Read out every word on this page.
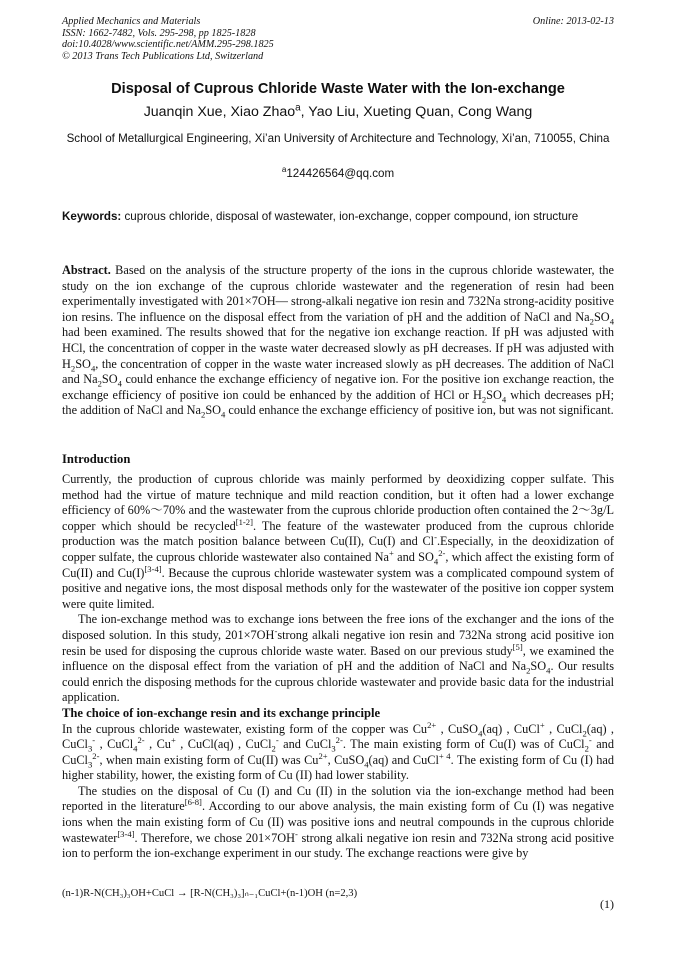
Applied Mechanics and Materials
ISSN: 1662-7482, Vols. 295-298, pp 1825-1828
doi:10.4028/www.scientific.net/AMM.295-298.1825
© 2013 Trans Tech Publications Ltd, Switzerland
Online: 2013-02-13
Disposal of Cuprous Chloride Waste Water with the Ion-exchange
Juanqin Xue, Xiao Zhao$^a$, Yao Liu, Xueting Quan, Cong Wang
School of Metallurgical Engineering, Xi’an University of Architecture and Technology, Xi’an, 710055, China
$^a$124426564@qq.com
Keywords: cuprous chloride, disposal of wastewater, ion-exchange, copper compound, ion structure
Abstract. Based on the analysis of the structure property of the ions in the cuprous chloride wastewater, the study on the ion exchange of the cuprous chloride wastewater and the regeneration of resin had been experimentally investigated with 201×7OH— strong-alkali negative ion resin and 732Na strong-acidity positive ion resins. The influence on the disposal effect from the variation of pH and the addition of NaCl and $Na_2SO_4$ had been examined. The results showed that for the negative ion exchange reaction. If pH was adjusted with HCl, the concentration of copper in the waste water decreased slowly as pH decreases. If pH was adjusted with $H_2SO_4$, the concentration of copper in the waste water increased slowly as pH decreases. The addition of NaCl and $Na_2SO_4$ could enhance the exchange efficiency of negative ion. For the positive ion exchange reaction, the exchange efficiency of positive ion could be enhanced by the addition of HCl or $H_2SO_4$ which decreases pH; the addition of NaCl and $Na_2SO_4$ could enhance the exchange efficiency of positive ion, but was not significant.
Introduction

Currently, the production of cuprous chloride was mainly performed by deoxidizing copper sulfate. This method had the virtue of mature technique and mild reaction condition, but it often had a lower exchange efficiency of 60%～70% and the wastewater from the cuprous chloride production often contained the 2～3g/L copper which should be recycled[1-2]. The feature of the wastewater produced from the cuprous chloride production was the match position balance between Cu(II), Cu(I) and Cl-.Especially, in the deoxidization of copper sulfate, the cuprous chloride wastewater also contained Na+ and $SO_4^{2-}$, which affect the existing form of Cu(II) and Cu(I)[3-4]. Because the cuprous chloride wastewater system was a complicated compound system of positive and negative ions, the most disposal methods only for the wastewater of the positive ion copper system were quite limited.

The ion-exchange method was to exchange ions between the free ions of the exchanger and the ions of the disposed solution. In this study, 201×7OH-strong alkali negative ion resin and 732Na strong acid positive ion resin be used for disposing the cuprous chloride waste water. Based on our previous study[5], we examined the influence on the disposal effect from the variation of pH and the addition of NaCl and $Na_2SO_4$. Our results could enrich the disposing methods for the cuprous chloride wastewater and provide basic data for the industrial application.

The choice of ion-exchange resin and its exchange principle

In the cuprous chloride wastewater, existing form of the copper was $Cu^{2+}$ , CuSO$_4$(aq) , CuCl+ , CuCl$_2$(aq) , CuCl$_3$- , CuCl$_4^{2-}$ , Cu+ , CuCl(aq) , CuCl$_2$- and CuCl$_3^{2-}$. The main existing form of Cu(I) was of CuCl$_2$- and CuCl$_3^{2-}$, when main existing form of Cu(II) was $Cu^{2+}$, CuSO$_4$(aq) and CuCl$^{+ 4}$. The existing form of Cu (I) had higher stability, hower, the existing form of Cu (II) had lower stability.

The studies on the disposal of Cu (I) and Cu (II) in the solution via the ion-exchange method had been reported in the literature[6-8]. According to our above analysis, the main existing form of Cu (I) was negative ions when the main existing form of Cu (II) was positive ions and neutral compounds in the cuprous chloride wastewater[3-4]. Therefore, we chose 201×7OH- strong alkali negative ion resin and 732Na strong acid positive ion to perform the ion-exchange experiment in our study. The exchange reactions were give by

(n-1)R-N(CH₃)₃OH+CuCl → [R-N(CH₃)₃]ₙ₋₁CuCl+(n-1)OH (n=2,3)
(1)
